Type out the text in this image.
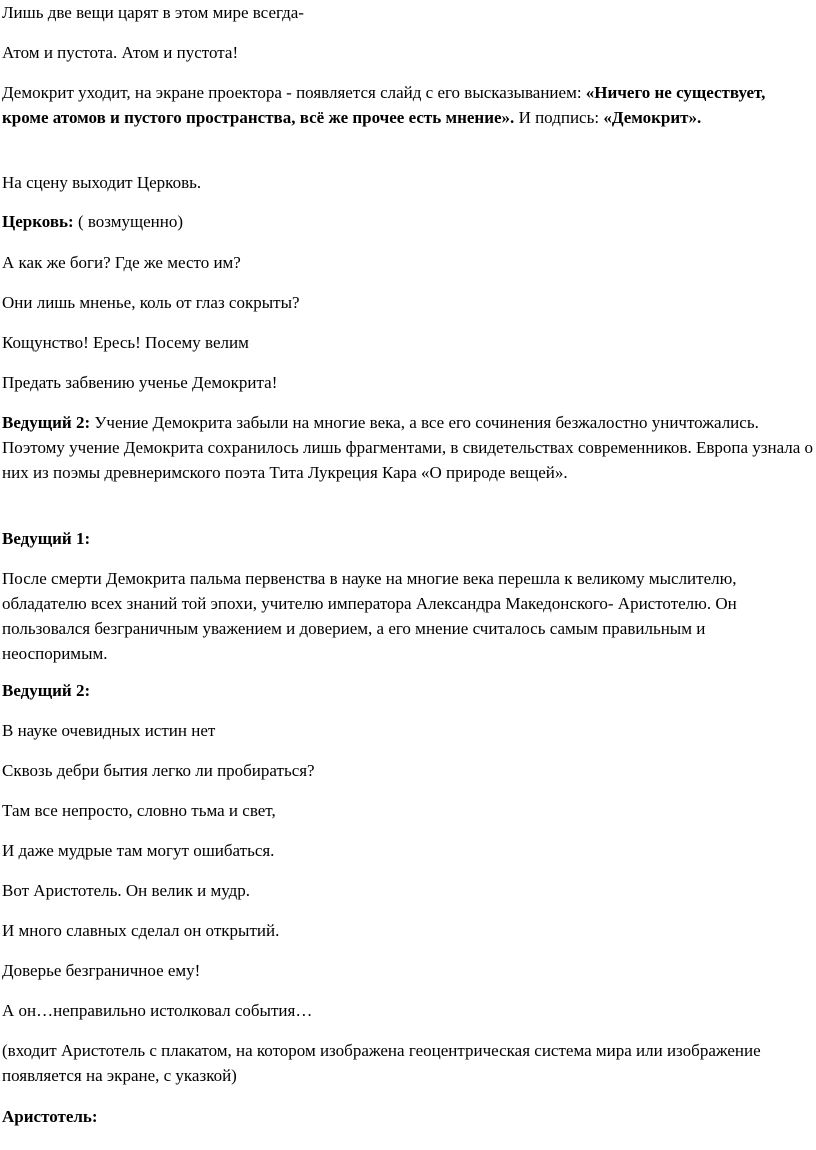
Лишь две вещи царят в этом мире всегда-

Атом и пустота. Атом и пустота!

Демокрит уходит, на экране проектора - появляется слайд с его высказыванием: «Ничего не существует, кроме атомов и пустого пространства, всё же прочее есть мнение». И подпись: «Демокрит».

На сцену выходит Церковь.

Церковь: ( возмущенно)

А как же боги? Где же место им?

Они лишь мненье, коль от глаз сокрыты?

Кощунство! Ересь! Посему велим

Предать забвению ученье Демокрита!

Ведущий 2: Учение Демокрита забыли на многие века, а все его сочинения безжалостно уничтожались. Поэтому учение Демокрита сохранилось лишь фрагментами, в свидетельствах современников. Европа узнала о них из поэмы древнеримского поэта Тита Лукреция Кара «О природе вещей».

Ведущий 1:

После смерти Демокрита пальма первенства в науке на многие века перешла к великому мыслителю, обладателю всех знаний той эпохи, учителю императора Александра Македонского- Аристотелю. Он пользовался безграничным уважением и доверием, а его мнение считалось самым правильным и неоспоримым.

Ведущий 2:

В науке очевидных истин нет

Сквозь дебри бытия легко ли пробираться?

Там все непросто, словно тьма и свет,

И даже мудрые там могут ошибаться.

Вот Аристотель. Он велик и мудр.

И много славных сделал он открытий.

Доверье безграничное ему!

А он…неправильно истолковал события…

(входит Аристотель с плакатом, на котором изображена геоцентрическая система мира или изображение появляется на экране, с указкой)

Аристотель:
